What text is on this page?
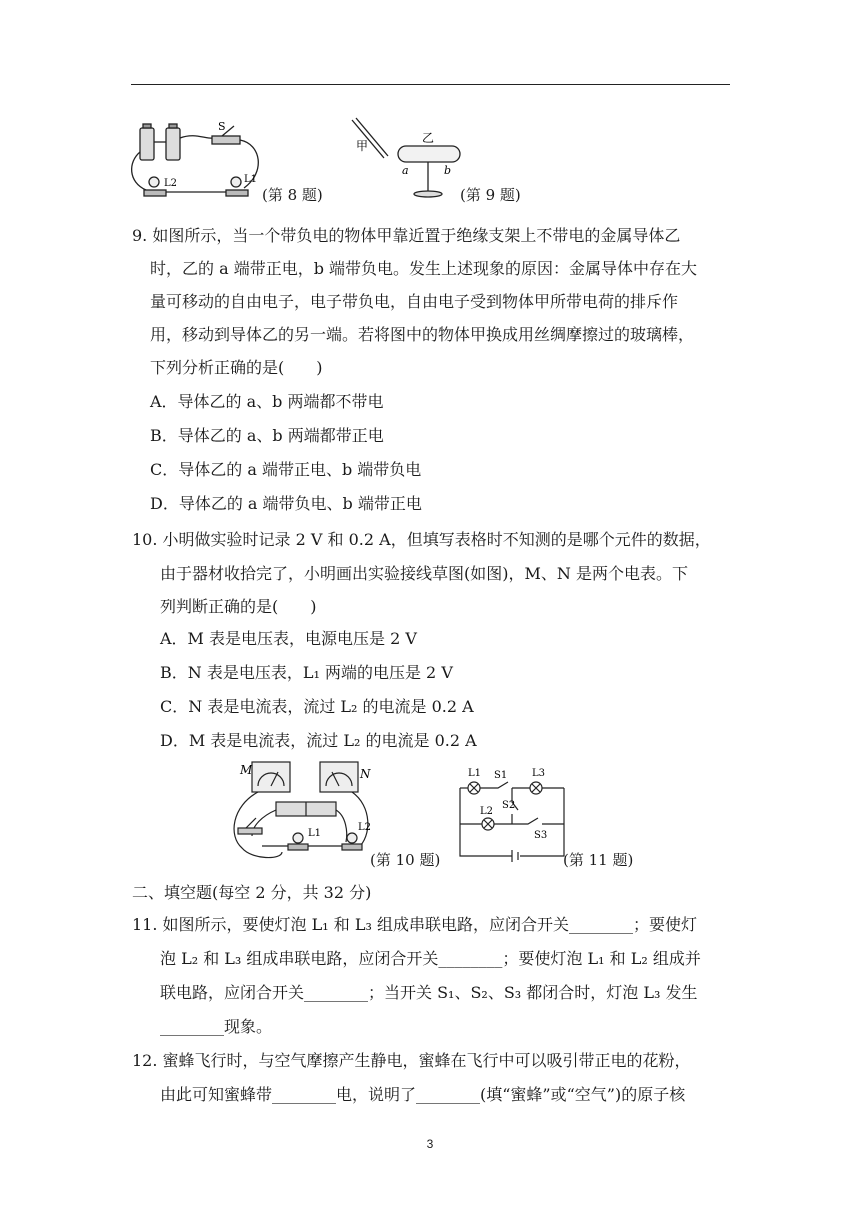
S
L2	L1
(第 8 题)
甲
乙
a	b
(第 9 题)
9. 如图所示，当一个带负电的物体甲靠近置于绝缘支架上不带电的金属导体乙
时，乙的 a 端带正电，b 端带负电。发生上述现象的原因：金属导体中存在大
量可移动的自由电子，电子带负电，自由电子受到物体甲所带电荷的排斥作
用，移动到导体乙的另一端。若将图中的物体甲换成用丝绸摩擦过的玻璃棒，
下列分析正确的是(　　)
A．导体乙的 a、b 两端都不带电
B．导体乙的 a、b 两端都带正电
C．导体乙的 a 端带正电、b 端带负电
D．导体乙的 a 端带负电、b 端带正电
10. 小明做实验时记录 2 V 和 0.2 A，但填写表格时不知测的是哪个元件的数据，
由于器材收拾完了，小明画出实验接线草图(如图)，M、N 是两个电表。下
列判断正确的是(　　)
A．M 表是电压表，电源电压是 2 V
B．N 表是电压表，L₁ 两端的电压是 2 V
C．N 表是电流表，流过 L₂ 的电流是 0.2 A
D．M 表是电流表，流过 L₂ 的电流是 0.2 A
M	N
L1
L2
(第 10 题)
L1 S1 L3
L2
S2
S3
(第 11 题)
二、填空题(每空 2 分，共 32 分)
11. 如图所示，要使灯泡 L₁ 和 L₃ 组成串联电路，应闭合开关________；要使灯
泡 L₂ 和 L₃ 组成串联电路，应闭合开关________；要使灯泡 L₁ 和 L₂ 组成并
联电路，应闭合开关________；当开关 S₁、S₂、S₃ 都闭合时，灯泡 L₃ 发生
________现象。
12. 蜜蜂飞行时，与空气摩擦产生静电，蜜蜂在飞行中可以吸引带正电的花粉，
由此可知蜜蜂带________电，说明了________(填“蜜蜂”或“空气”)的原子核
3
